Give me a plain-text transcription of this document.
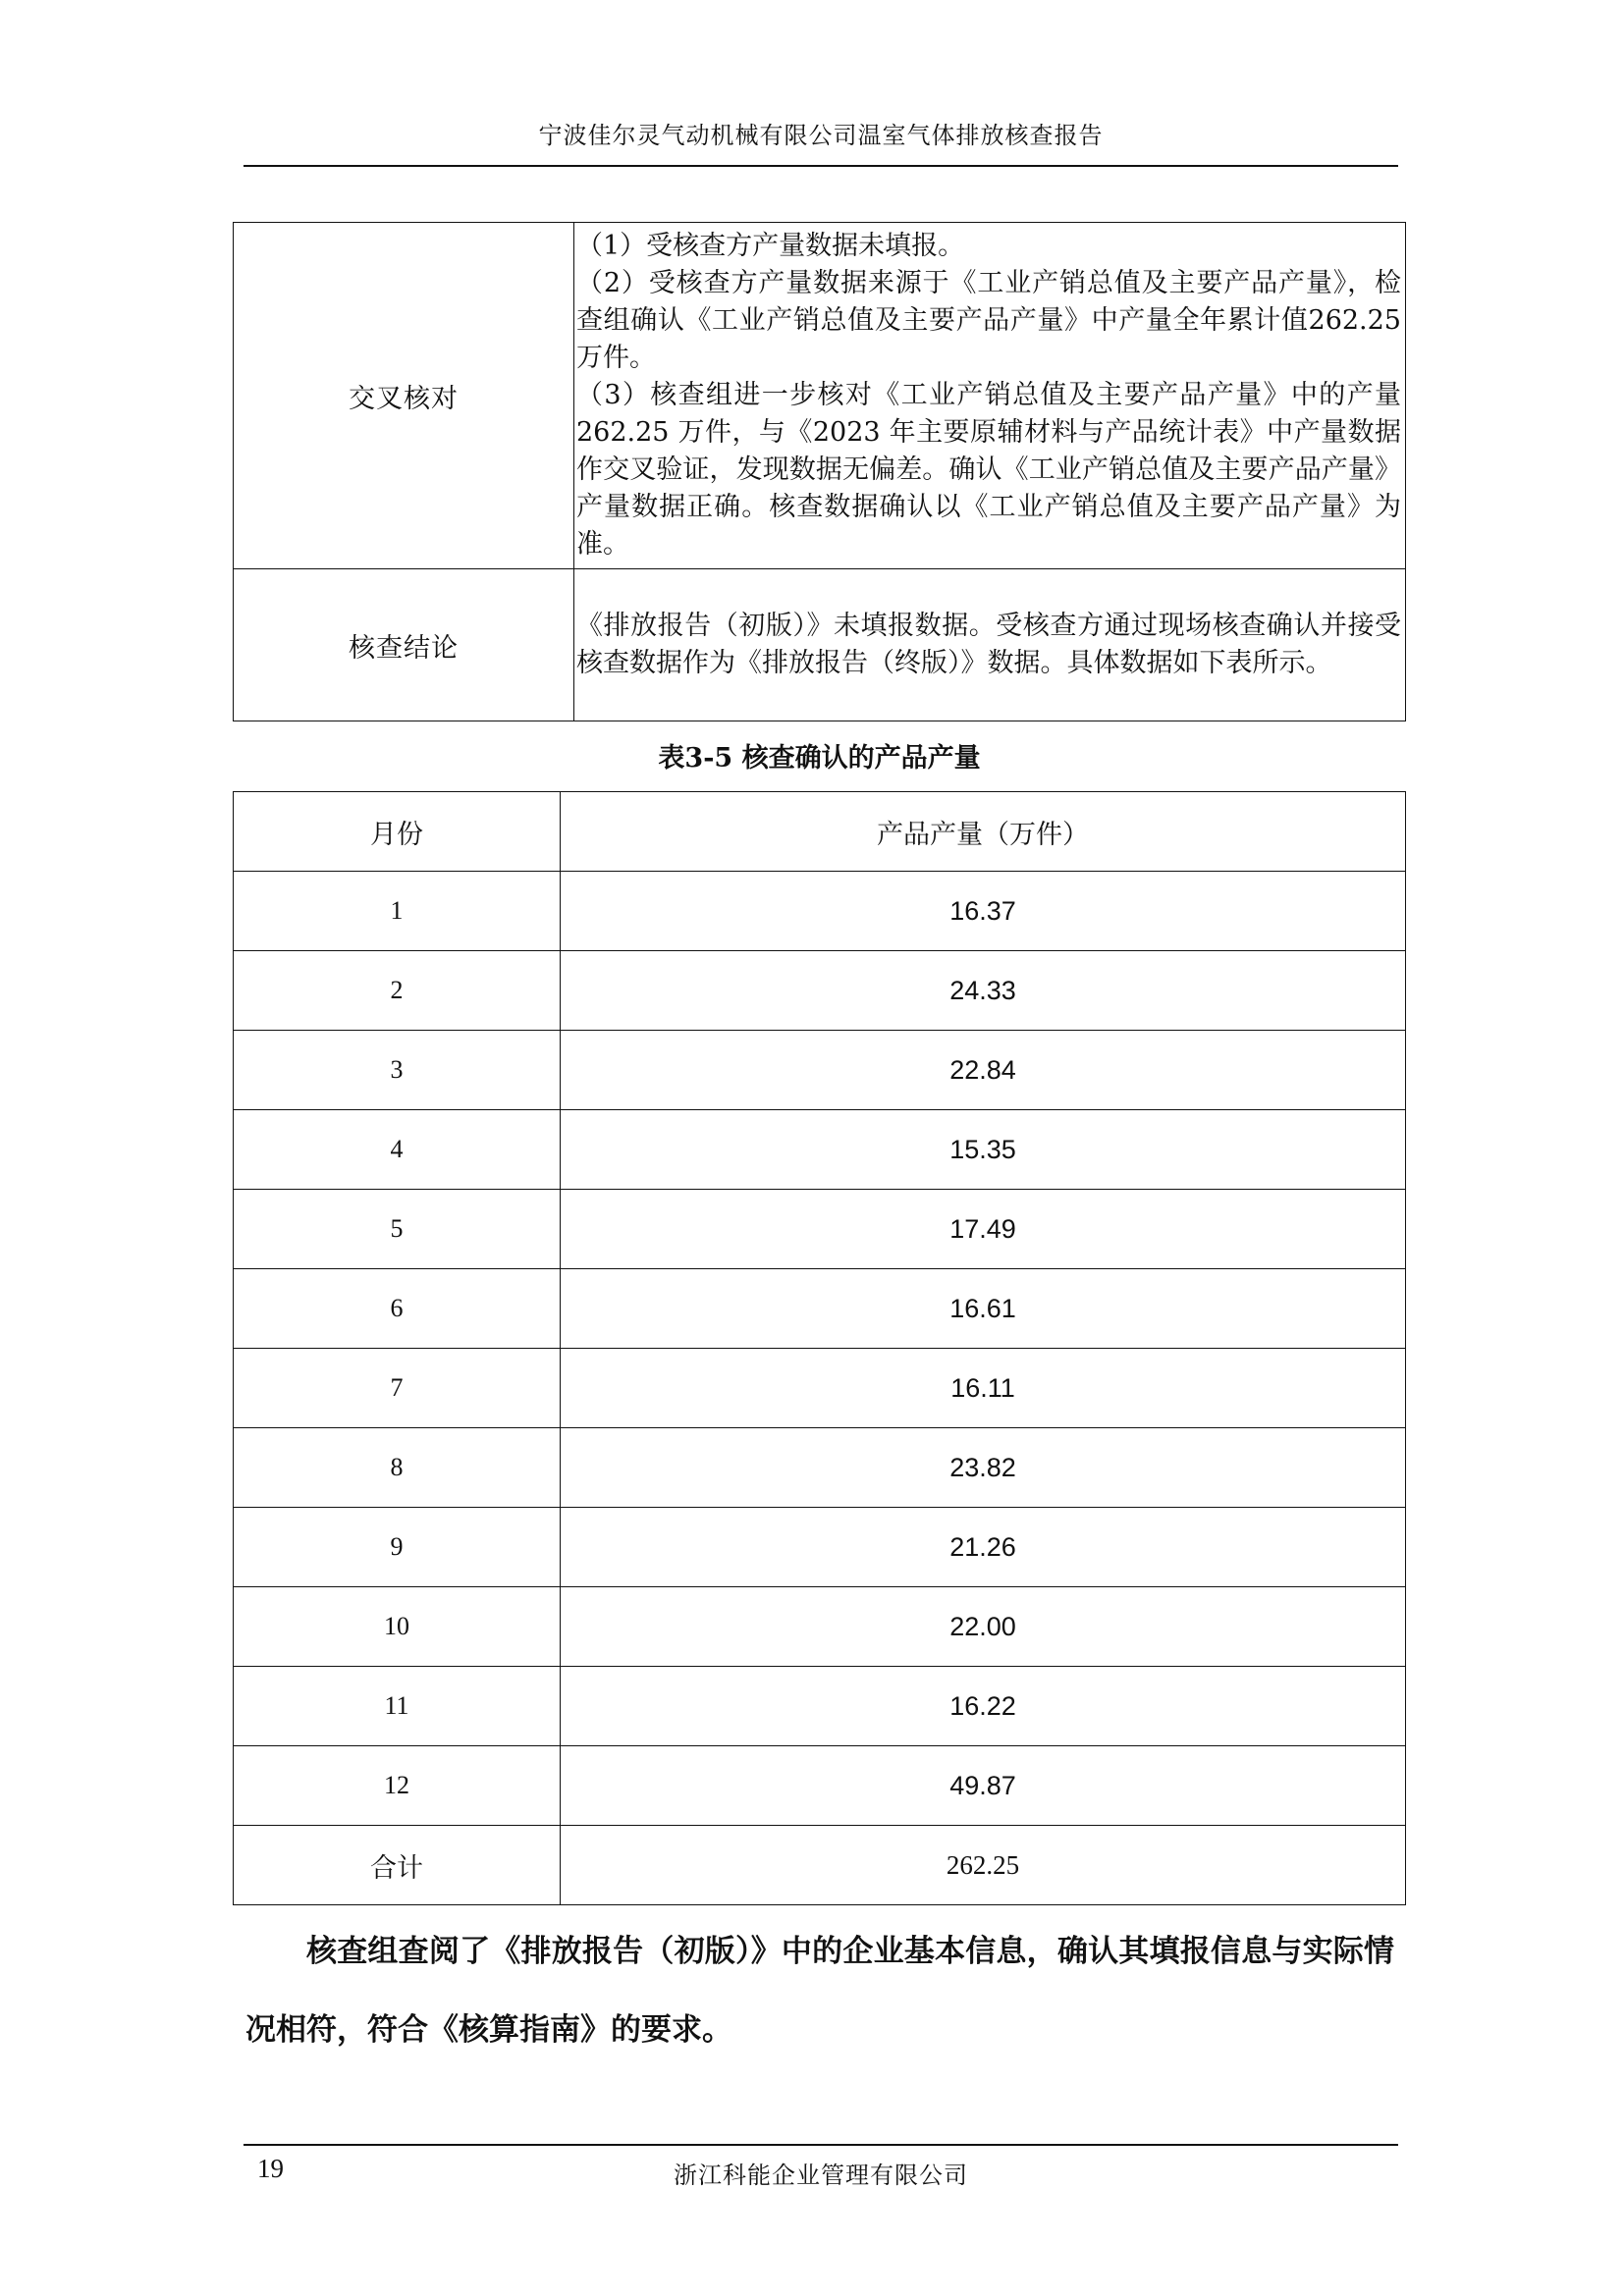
宁波佳尔灵气动机械有限公司温室气体排放核查报告
交叉核对	（1）受核查方产量数据未填报。

（2）受核查方产量数据来源于《工业产销总值及主要产品产量》，检查组确认《工业产销总值及主要产品产量》中产量全年累计值262.25万件。

（3）核查组进一步核对《工业产销总值及主要产品产量》中的产量 262.25 万件，与《2023 年主要原辅材料与产品统计表》中产量数据作交叉验证，发现数据无偏差。确认《工业产销总值及主要产品产量》产量数据正确。核查数据确认以《工业产销总值及主要产品产量》为准。

核查结论	《排放报告（初版）》未填报数据。受核查方通过现场核查确认并接受核查数据作为《排放报告（终版）》数据。具体数据如下表所示。

表3-5 核查确认的产品产量
月份	产品产量（万件）
1	16.37
2	24.33
3	22.84
4	15.35
5	17.49
6	16.61
7	16.11
8	23.82
9	21.26
10	22.00
11	16.22
12	49.87
合计	262.25

核查组查阅了《排放报告（初版）》中的企业基本信息，确认其填报信息与实际情况相符，符合《核算指南》的要求。

19	浙江科能企业管理有限公司
